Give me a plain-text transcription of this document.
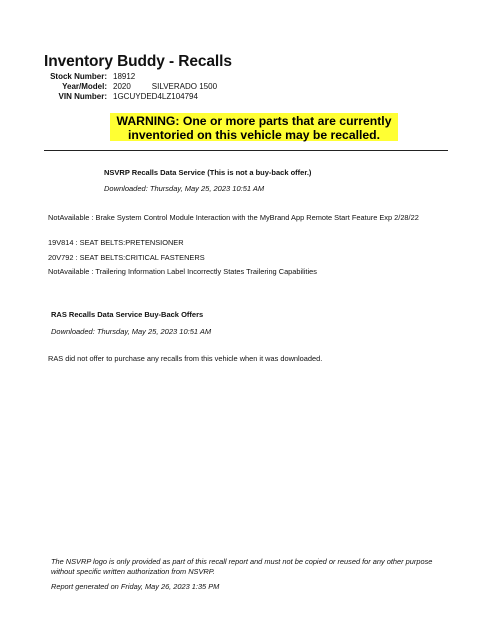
Inventory Buddy - Recalls
Stock Number: 18912
Year/Model: 2020	SILVERADO 1500
VIN Number: 1GCUYDED4LZ104794
WARNING: One or more parts that are currently
inventoried on this vehicle may be recalled.
NSVRP Recalls Data Service (This is not a buy-back offer.)
Downloaded: Thursday, May 25, 2023 10:51 AM
NotAvailable : Brake System Control Module Interaction with the MyBrand App Remote Start Feature Exp 2/28/22
19V814 : SEAT BELTS:PRETENSIONER
20V792 : SEAT BELTS:CRITICAL FASTENERS
NotAvailable : Trailering Information Label Incorrectly States Trailering Capabilities
RAS Recalls Data Service Buy-Back Offers
Downloaded: Thursday, May 25, 2023 10:51 AM
RAS did not offer to purchase any recalls from this vehicle when it was downloaded.
The NSVRP logo is only provided as part of this recall report and must not be copied or reused for any other purpose without specific written authorization from NSVRP.
Report generated on Friday, May 26, 2023 1:35 PM
